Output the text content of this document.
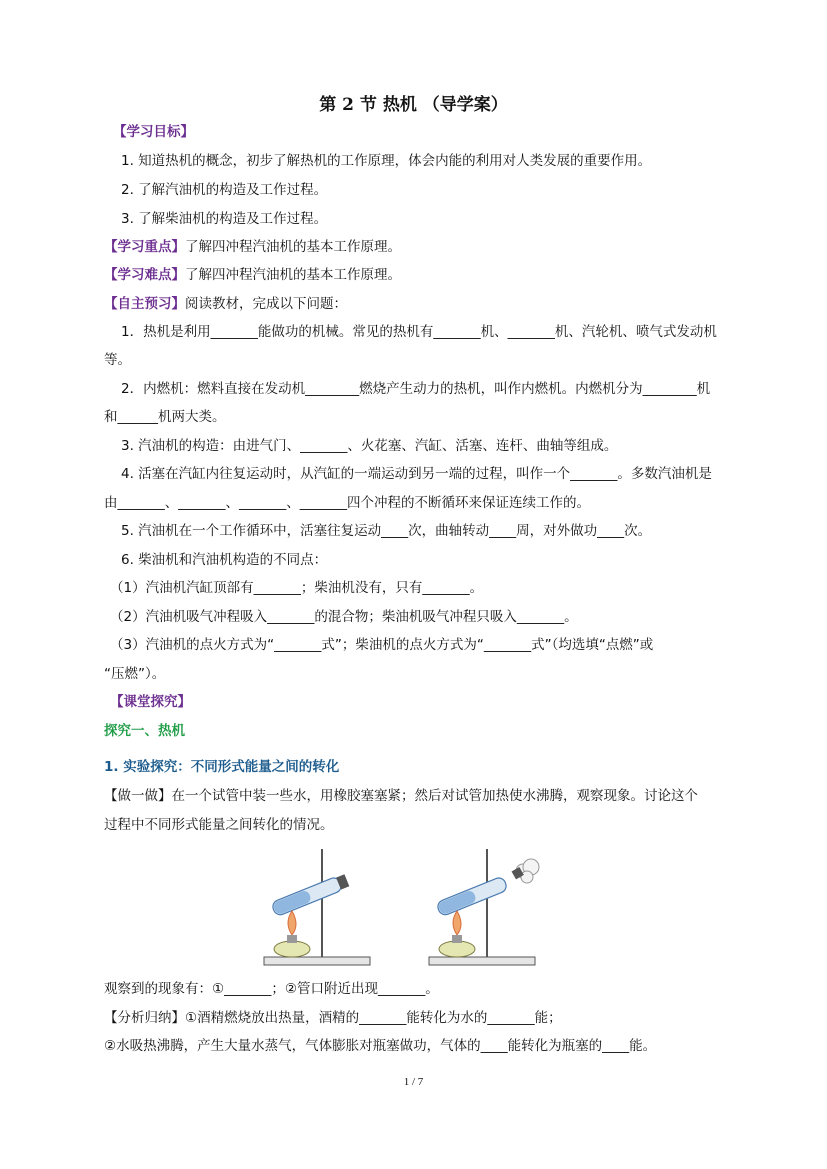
第 2 节 热机 （导学案）
【学习目标】
1. 知道热机的概念，初步了解热机的工作原理，体会内能的利用对人类发展的重要作用。
2. 了解汽油机的构造及工作过程。
3. 了解柴油机的构造及工作过程。
【学习重点】了解四冲程汽油机的基本工作原理。
【学习难点】了解四冲程汽油机的基本工作原理。
【自主预习】阅读教材，完成以下问题：
1．热机是利用_______能做功的机械。常见的热机有_______机、_______机、汽轮机、喷气式发动机
等。
2．内燃机：燃料直接在发动机________燃烧产生动力的热机，叫作内燃机。内燃机分为________机
和______机两大类。
3. 汽油机的构造：由进气门、_______、火花塞、汽缸、活塞、连杆、曲轴等组成。
4. 活塞在汽缸内往复运动时，从汽缸的一端运动到另一端的过程，叫作一个_______。多数汽油机是
由_______、_______、_______、_______四个冲程的不断循环来保证连续工作的。
5. 汽油机在一个工作循环中，活塞往复运动____次，曲轴转动____周，对外做功____次。
6. 柴油机和汽油机构造的不同点：
（1）汽油机汽缸顶部有_______；柴油机没有，只有_______。
（2）汽油机吸气冲程吸入_______的混合物；柴油机吸气冲程只吸入_______。
（3）汽油机的点火方式为“_______式”；柴油机的点火方式为“_______式”（均选填“点燃”或
“压燃”）。
【课堂探究】
探究一、热机
1. 实验探究：不同形式能量之间的转化
【做一做】在一个试管中装一些水，用橡胶塞塞紧；然后对试管加热使水沸腾，观察现象。讨论这个
过程中不同形式能量之间转化的情况。
观察到的现象有：①_______；②管口附近出现_______。
【分析归纳】①酒精燃烧放出热量，酒精的_______能转化为水的_______能；
②水吸热沸腾，产生大量水蒸气，气体膨胀对瓶塞做功，气体的____能转化为瓶塞的____能。
1 / 7
